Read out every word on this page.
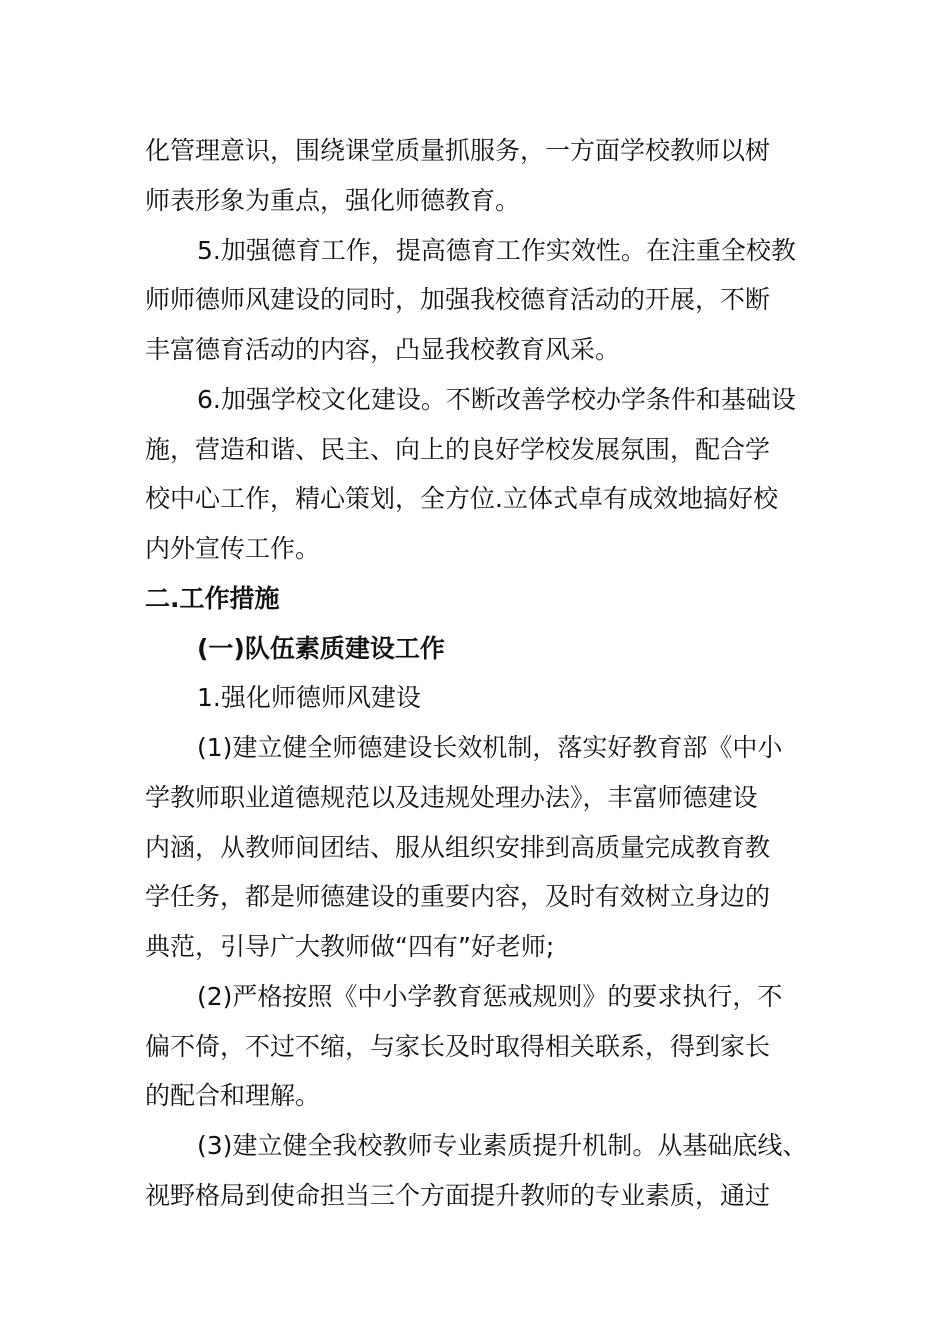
化管理意识，围绕课堂质量抓服务，一方面学校教师以树
师表形象为重点，强化师德教育。
5.加强德育工作，提高德育工作实效性。在注重全校教
师师德师风建设的同时，加强我校德育活动的开展，不断
丰富德育活动的内容，凸显我校教育风采。
6.加强学校文化建设。不断改善学校办学条件和基础设
施，营造和谐、民主、向上的良好学校发展氛围，配合学
校中心工作，精心策划，全方位.立体式卓有成效地搞好校
内外宣传工作。
二.工作措施
(一)队伍素质建设工作
1.强化师德师风建设
(1)建立健全师德建设长效机制，落实好教育部《中小
学教师职业道德规范以及违规处理办法》，丰富师德建设
内涵，从教师间团结、服从组织安排到高质量完成教育教
学任务，都是师德建设的重要内容，及时有效树立身边的
典范，引导广大教师做“四有”好老师;
(2)严格按照《中小学教育惩戒规则》的要求执行，不
偏不倚，不过不缩，与家长及时取得相关联系，得到家长
的配合和理解。
(3)建立健全我校教师专业素质提升机制。从基础底线、
视野格局到使命担当三个方面提升教师的专业素质，通过
